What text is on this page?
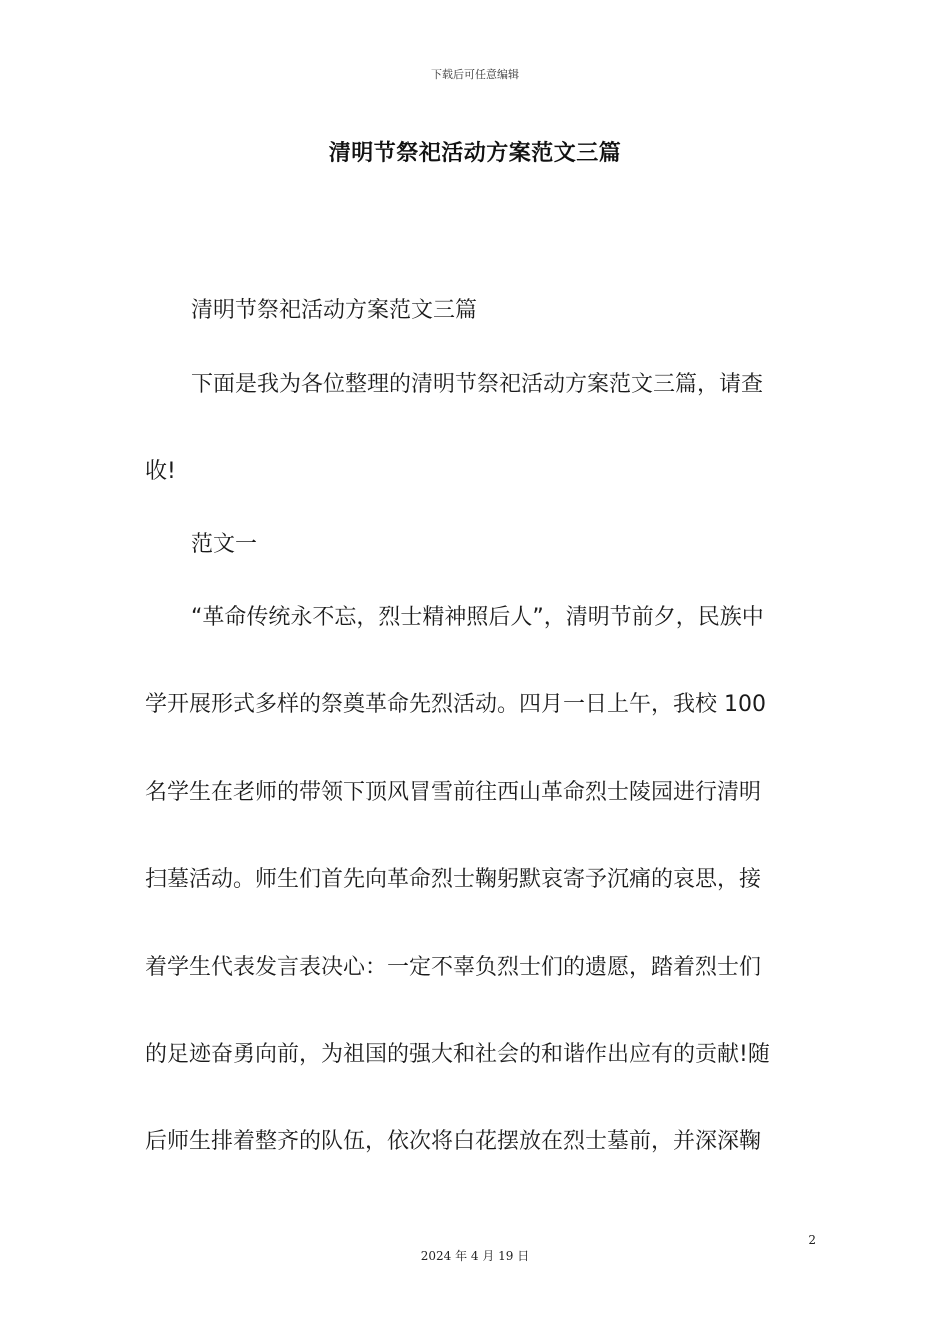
下载后可任意编辑
清明节祭祀活动方案范文三篇
清明节祭祀活动方案范文三篇
下面是我为各位整理的清明节祭祀活动方案范文三篇，请查
收!
范文一
“革命传统永不忘，烈士精神照后人”，清明节前夕，民族中
学开展形式多样的祭奠革命先烈活动。四月一日上午，我校 100
名学生在老师的带领下顶风冒雪前往西山革命烈士陵园进行清明
扫墓活动。师生们首先向革命烈士鞠躬默哀寄予沉痛的哀思，接
着学生代表发言表决心：一定不辜负烈士们的遗愿，踏着烈士们
的足迹奋勇向前，为祖国的强大和社会的和谐作出应有的贡献!随
后师生排着整齐的队伍，依次将白花摆放在烈士墓前，并深深鞠
2
2024 年 4 月 19 日
